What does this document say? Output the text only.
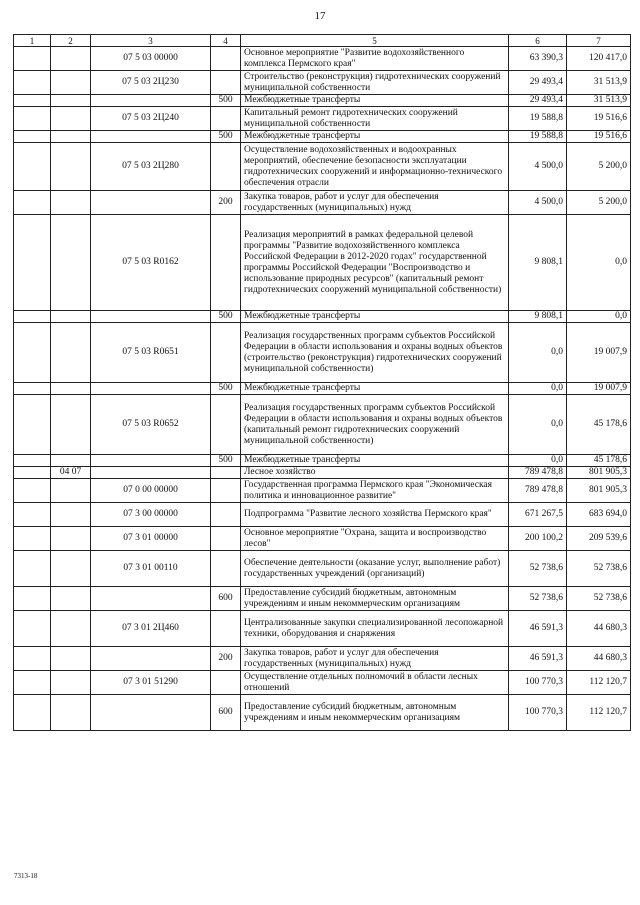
17
1	2	3	4	5	6	7
		07 5 03 00000		Основное мероприятие "Развитие водохозяйственного комплекса Пермского края"	63 390,3	120 417,0
		07 5 03 2Ц230		Строительство (реконструкция) гидротехнических сооружений муниципальной собственности	29 493,4	31 513,9
			500	Межбюджетные трансферты	29 493,4	31 513,9
		07 5 03 2Ц240		Капитальный ремонт гидротехнических сооружений муниципальной собственности	19 588,8	19 516,6
			500	Межбюджетные трансферты	19 588,8	19 516,6
		07 5 03 2Ц280		Осуществление водохозяйственных и водоохранных мероприятий, обеспечение безопасности эксплуатации гидротехнических сооружений и информационно-технического обеспечения отрасли	4 500,0	5 200,0
			200	Закупка товаров, работ и услуг для обеспечения государственных (муниципальных) нужд	4 500,0	5 200,0
		07 5 03 R0162		Реализация мероприятий в рамках федеральной целевой программы "Развитие водохозяйственного комплекса Российской Федерации в 2012-2020 годах" государственной программы Российской Федерации "Воспроизводство и использование природных ресурсов" (капитальный ремонт гидротехнических сооружений муниципальной собственности)	9 808,1	0,0
			500	Межбюджетные трансферты	9 808,1	0,0
		07 5 03 R0651		Реализация государственных программ субъектов Российской Федерации в области использования и охраны водных объектов (строительство (реконструкция) гидротехнических сооружений муниципальной собственности)	0,0	19 007,9
			500	Межбюджетные трансферты	0,0	19 007,9
		07 5 03 R0652		Реализация государственных программ субъектов Российской Федерации в области использования и охраны водных объектов (капитальный ремонт гидротехнических сооружений муниципальной собственности)	0,0	45 178,6
			500	Межбюджетные трансферты	0,0	45 178,6
	04 07			Лесное хозяйство	789 478,8	801 905,3
		07 0 00 00000		Государственная программа Пермского края "Экономическая политика и инновационное развитие"	789 478,8	801 905,3
		07 3 00 00000		Подпрограмма "Развитие лесного хозяйства Пермского края"	671 267,5	683 694,0
		07 3 01 00000		Основное мероприятие "Охрана, защита и воспроизводство лесов"	200 100,2	209 539,6
		07 3 01 00110		Обеспечение деятельности (оказание услуг, выполнение работ) государственных учреждений (организаций)	52 738,6	52 738,6
			600	Предоставление субсидий бюджетным, автономным учреждениям и иным некоммерческим организациям	52 738,6	52 738,6
		07 3 01 2Ц460		Централизованные закупки специализированной лесопожарной техники, оборудования и снаряжения	46 591,3	44 680,3
			200	Закупка товаров, работ и услуг для обеспечения государственных (муниципальных) нужд	46 591,3	44 680,3
		07 3 01 51290		Осуществление отдельных полномочий в области лесных отношений	100 770,3	112 120,7
			600	Предоставление субсидий бюджетным, автономным учреждениям и иным некоммерческим организациям	100 770,3	112 120,7
7313-18
